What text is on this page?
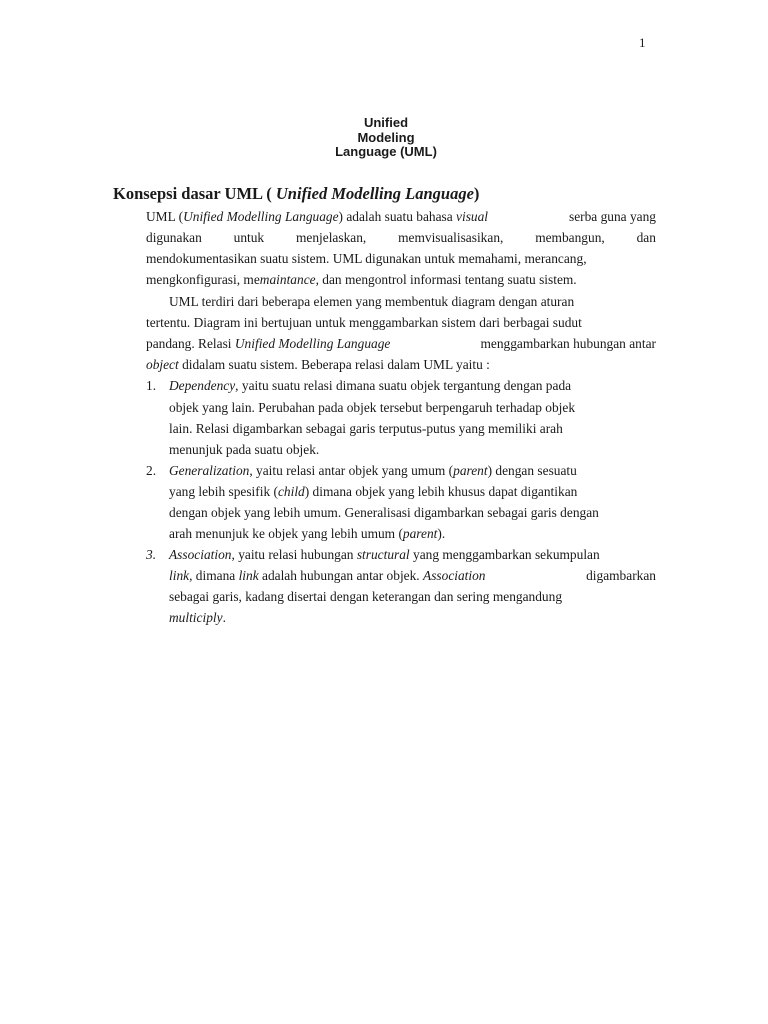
1
Unified
Modeling
Language (UML)
Konsepsi dasar UML ( Unified Modelling Language)
UML (Unified Modelling Language) adalah suatu bahasa visual	serba guna yang
digunakan untuk menjelaskan, memvisualisasikan, membangun, dan
mendokumentasikan suatu sistem. UML digunakan untuk memahami, merancang,
mengkonfigurasi, memaintance, dan mengontrol informasi tentang suatu sistem.
UML terdiri dari beberapa elemen yang membentuk diagram dengan aturan
tertentu. Diagram ini bertujuan untuk menggambarkan sistem dari berbagai sudut
pandang. Relasi Unified Modelling Language	menggambarkan hubungan antar
object didalam suatu sistem. Beberapa relasi dalam UML yaitu :
1. Dependency, yaitu suatu relasi dimana suatu objek tergantung dengan pada
objek yang lain. Perubahan pada objek tersebut berpengaruh terhadap objek
lain. Relasi digambarkan sebagai garis terputus-putus yang memiliki arah
menunjuk pada suatu objek.
2. Generalization, yaitu relasi antar objek yang umum (parent) dengan sesuatu
yang lebih spesifik (child) dimana objek yang lebih khusus dapat digantikan
dengan objek yang lebih umum. Generalisasi digambarkan sebagai garis dengan
arah menunjuk ke objek yang lebih umum (parent).
3. Association, yaitu relasi hubungan structural yang menggambarkan sekumpulan
link, dimana link adalah hubungan antar objek. Association	digambarkan
sebagai garis, kadang disertai dengan keterangan dan sering mengandung
multiciply.
